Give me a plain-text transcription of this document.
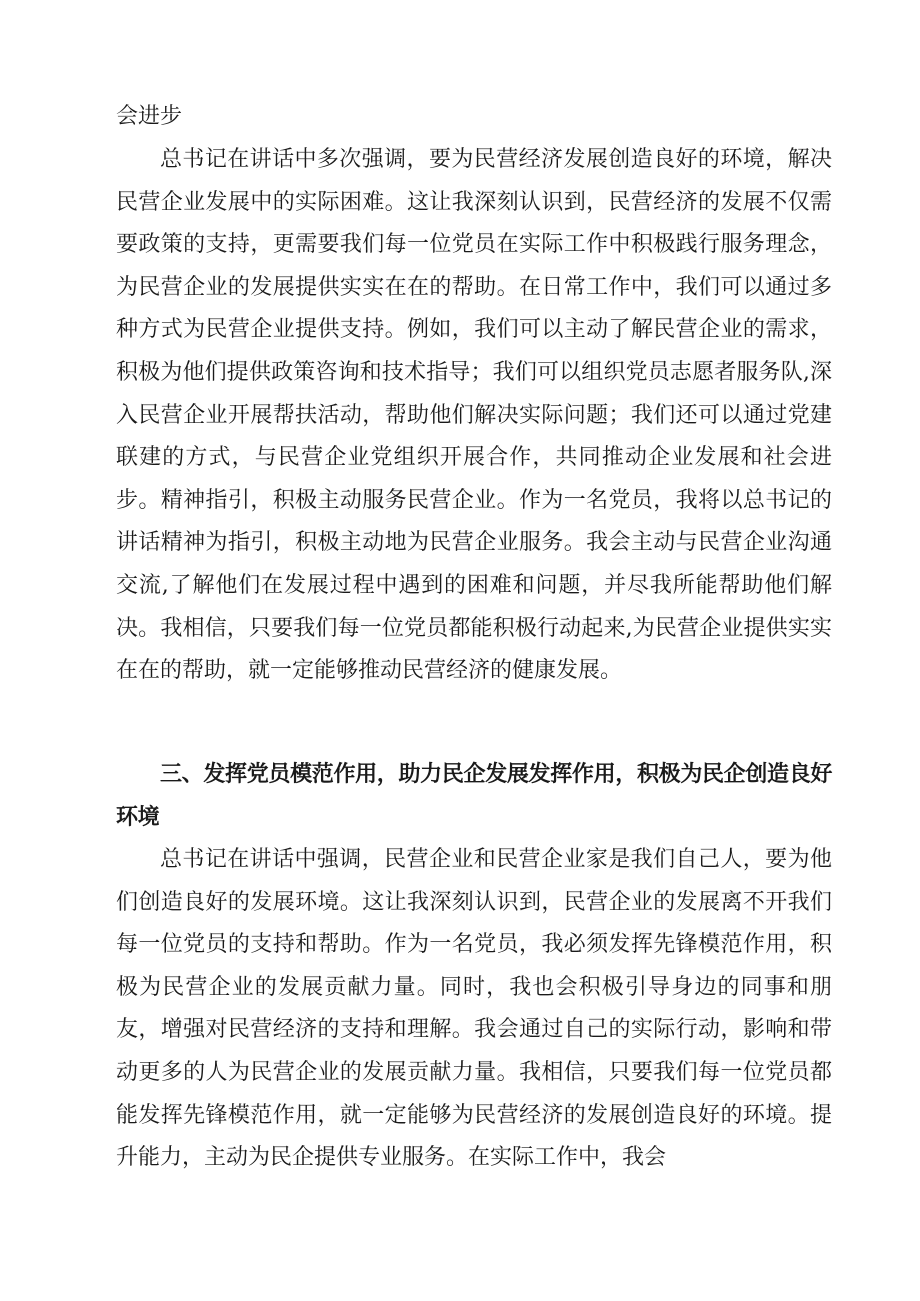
会进步

总书记在讲话中多次强调，要为民营经济发展创造良好的环境，解决民营企业发展中的实际困难。这让我深刻认识到，民营经济的发展不仅需要政策的支持，更需要我们每一位党员在实际工作中积极践行服务理念，为民营企业的发展提供实实在在的帮助。在日常工作中，我们可以通过多种方式为民营企业提供支持。例如，我们可以主动了解民营企业的需求，积极为他们提供政策咨询和技术指导；我们可以组织党员志愿者服务队,深入民营企业开展帮扶活动，帮助他们解决实际问题；我们还可以通过党建联建的方式，与民营企业党组织开展合作，共同推动企业发展和社会进步。精神指引，积极主动服务民营企业。作为一名党员，我将以总书记的讲话精神为指引，积极主动地为民营企业服务。我会主动与民营企业沟通交流,了解他们在发展过程中遇到的困难和问题，并尽我所能帮助他们解决。我相信，只要我们每一位党员都能积极行动起来,为民营企业提供实实在在的帮助，就一定能够推动民营经济的健康发展。

三、发挥党员模范作用，助力民企发展发挥作用，积极为民企创造良好环境

总书记在讲话中强调，民营企业和民营企业家是我们自己人，要为他们创造良好的发展环境。这让我深刻认识到，民营企业的发展离不开我们每一位党员的支持和帮助。作为一名党员，我必须发挥先锋模范作用，积极为民营企业的发展贡献力量。同时，我也会积极引导身边的同事和朋友，增强对民营经济的支持和理解。我会通过自己的实际行动，影响和带动更多的人为民营企业的发展贡献力量。我相信，只要我们每一位党员都能发挥先锋模范作用，就一定能够为民营经济的发展创造良好的环境。提升能力，主动为民企提供专业服务。在实际工作中，我会
